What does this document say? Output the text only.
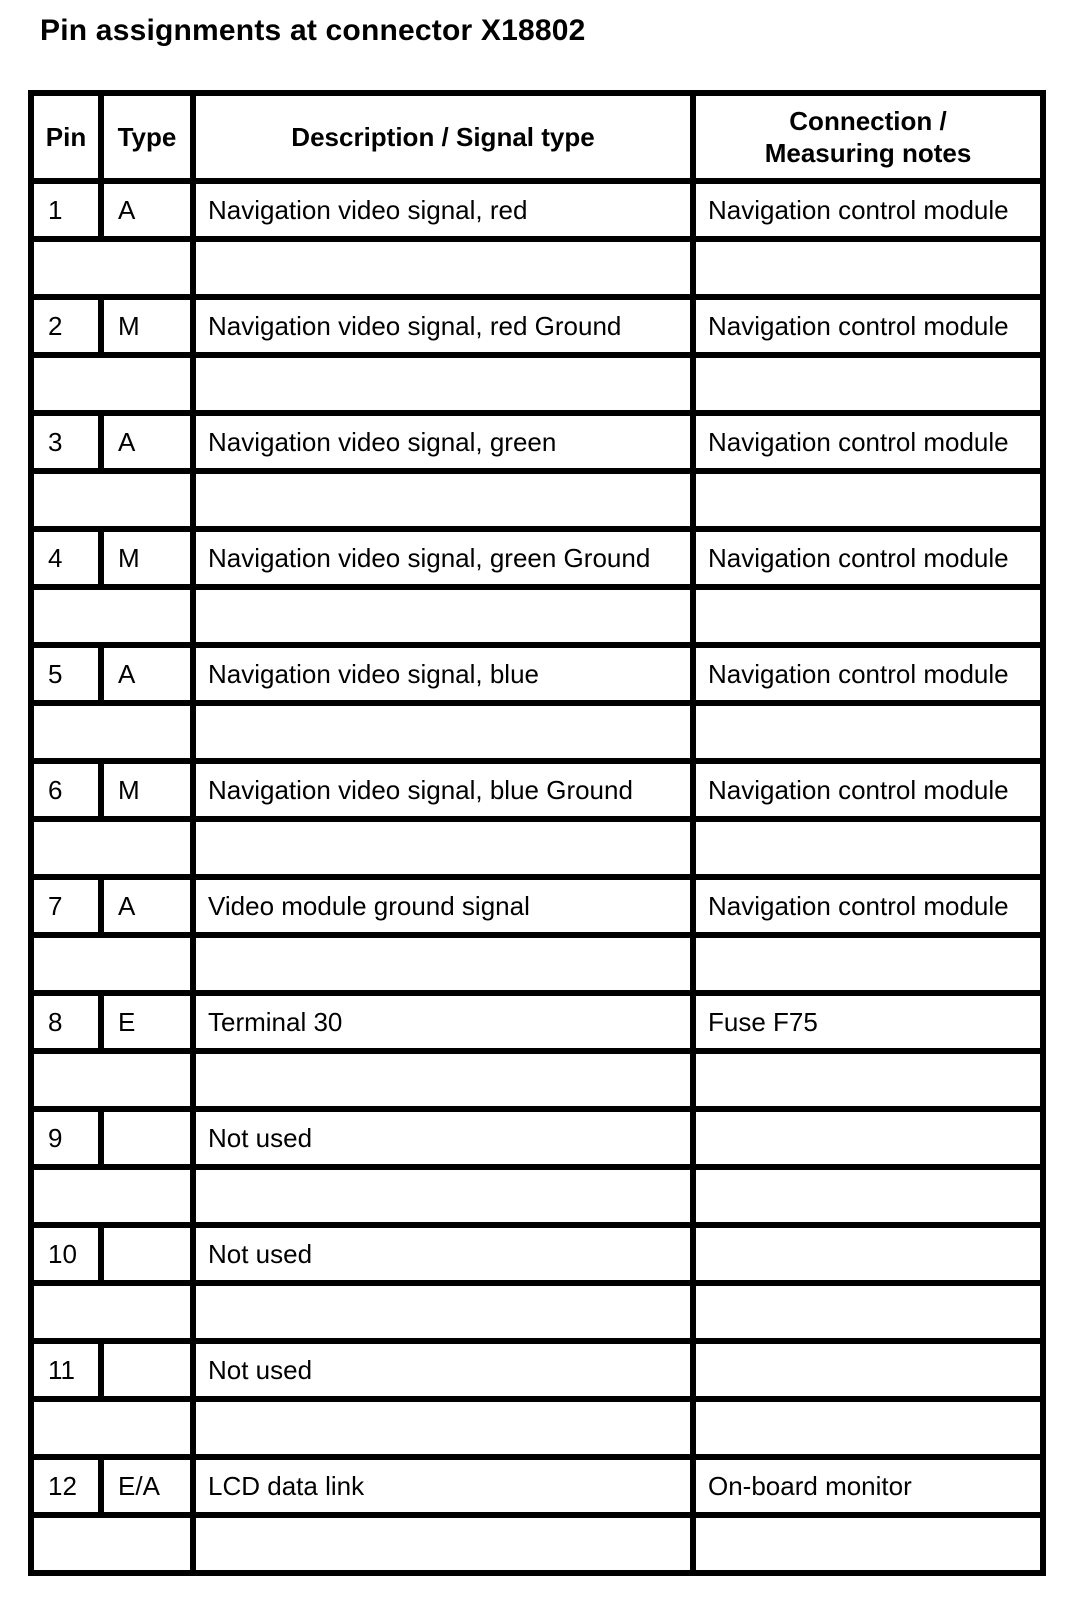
Pin assignments at connector X18802
Pin	Type	Description / Signal type	Connection /
Measuring notes

1	A	Navigation video signal, red	Navigation control module

2	M	Navigation video signal, red Ground	Navigation control module

3	A	Navigation video signal, green	Navigation control module

4	M	Navigation video signal, green Ground	Navigation control module

5	A	Navigation video signal, blue	Navigation control module

6	M	Navigation video signal, blue Ground	Navigation control module

7	A	Video module ground signal	Navigation control module

8	E	Terminal 30	Fuse F75

9		Not used	

10		Not used	

11		Not used	

12	E/A	LCD data link	On-board monitor
